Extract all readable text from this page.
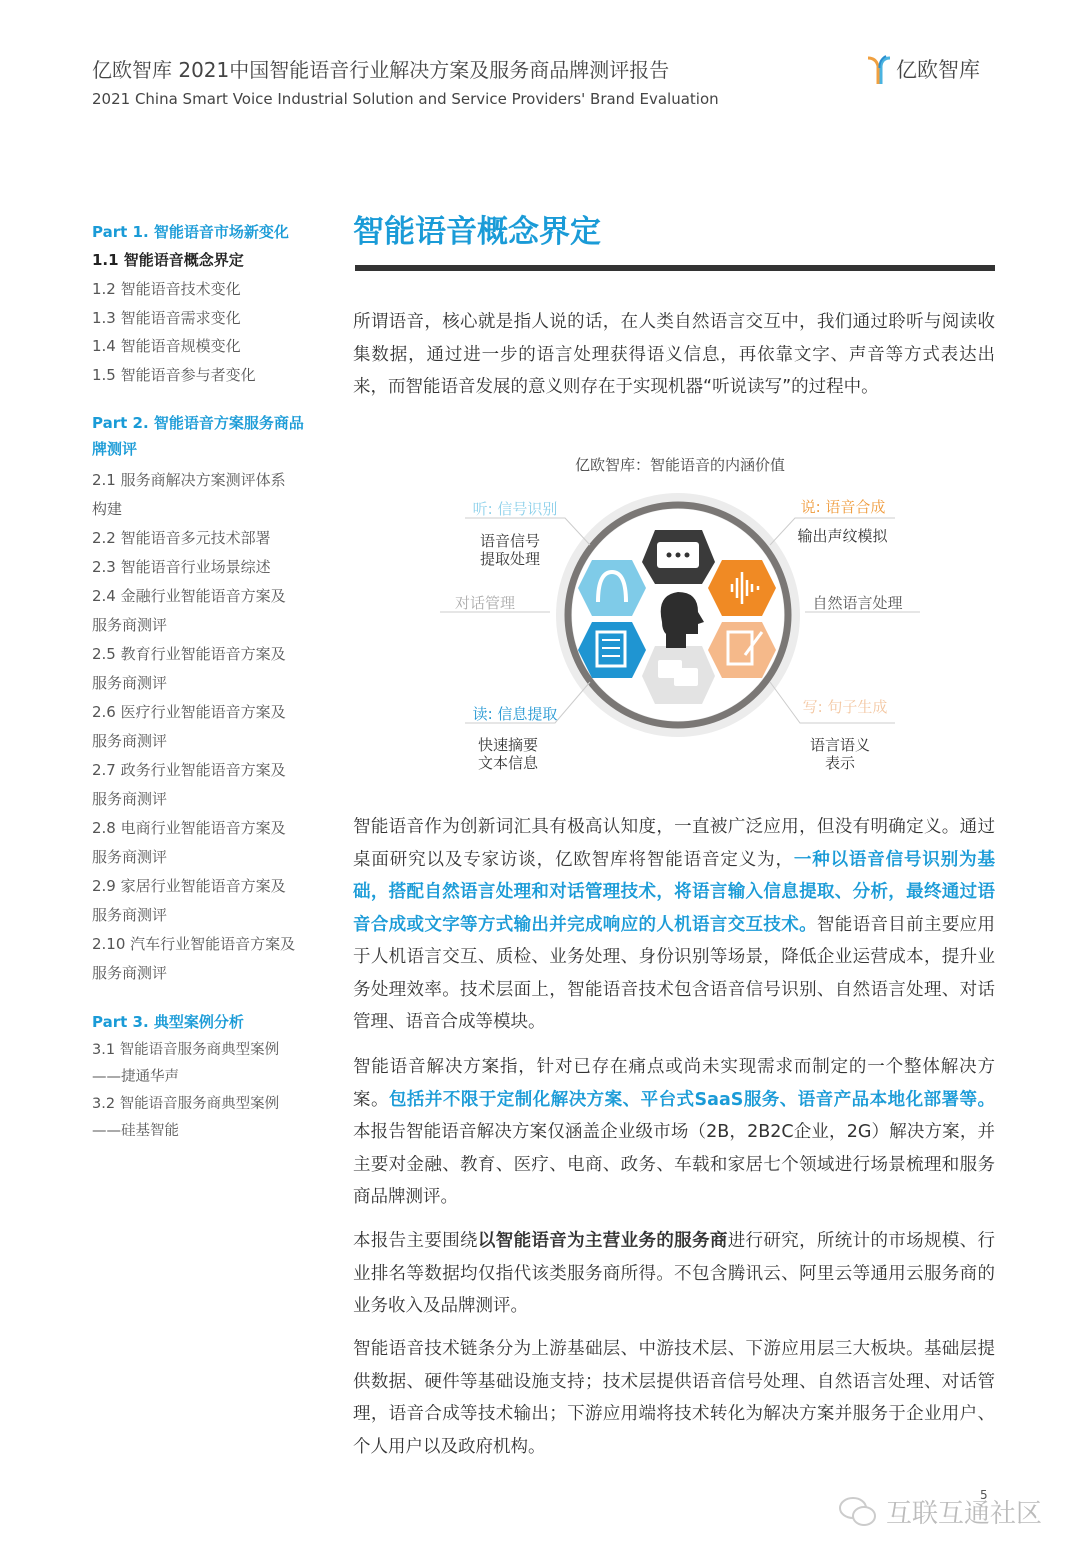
亿欧智库 2021中国智能语音行业解决方案及服务商品牌测评报告
2021 China Smart Voice Industrial Solution and Service Providers' Brand Evaluation
亿欧智库
Part 1. 智能语音市场新变化
1.1 智能语音概念界定
1.2 智能语音技术变化
1.3 智能语音需求变化
1.4 智能语音规模变化
1.5 智能语音参与者变化
Part 2. 智能语音方案服务商品
牌测评
2.1 服务商解决方案测评体系
构建
2.2 智能语音多元技术部署
2.3 智能语音行业场景综述
2.4 金融行业智能语音方案及
服务商测评
2.5 教育行业智能语音方案及
服务商测评
2.6 医疗行业智能语音方案及
服务商测评
2.7 政务行业智能语音方案及
服务商测评
2.8 电商行业智能语音方案及
服务商测评
2.9 家居行业智能语音方案及
服务商测评
2.10 汽车行业智能语音方案及
服务商测评
Part 3. 典型案例分析
3.1 智能语音服务商典型案例
——捷通华声
3.2 智能语音服务商典型案例
——硅基智能
智能语音概念界定

所谓语音，核心就是指人说的话，在人类自然语言交互中，我们通过聆听与阅读收集数据，通过进一步的语言处理获得语义信息，再依靠文字、声音等方式表达出来，而智能语音发展的意义则存在于实现机器“听说读写”的过程中。

亿欧智库：智能语音的内涵价值
听: 信号识别
语音信号
提取处理
说: 语音合成
输出声纹模拟
对话管理	自然语言处理
读: 信息提取
快速摘要
文本信息
写: 句子生成
语言语义
表示

智能语音作为创新词汇具有极高认知度，一直被广泛应用，但没有明确定义。通过桌面研究以及专家访谈，亿欧智库将智能语音定义为，一种以语音信号识别为基础，搭配自然语言处理和对话管理技术，将语言输入信息提取、分析，最终通过语音合成或文字等方式输出并完成响应的人机语言交互技术。智能语音目前主要应用于人机语言交互、质检、业务处理、身份识别等场景，降低企业运营成本，提升业务处理效率。技术层面上，智能语音技术包含语音信号识别、自然语言处理、对话管理、语音合成等模块。

智能语音解决方案指，针对已存在痛点或尚未实现需求而制定的一个整体解决方案。包括并不限于定制化解决方案、平台式SaaS服务、语音产品本地化部署等。本报告智能语音解决方案仅涵盖企业级市场（2B，2B2C企业，2G）解决方案，并主要对金融、教育、医疗、电商、政务、车载和家居七个领域进行场景梳理和服务商品牌测评。

本报告主要围绕以智能语音为主营业务的服务商进行研究，所统计的市场规模、行业排名等数据均仅指代该类服务商所得。不包含腾讯云、阿里云等通用云服务商的业务收入及品牌测评。

智能语音技术链条分为上游基础层、中游技术层、下游应用层三大板块。基础层提供数据、硬件等基础设施支持；技术层提供语音信号处理、自然语言处理、对话管理，语音合成等技术输出；下游应用端将技术转化为解决方案并服务于企业用户、个人用户以及政府机构。

互联互通社区
5
